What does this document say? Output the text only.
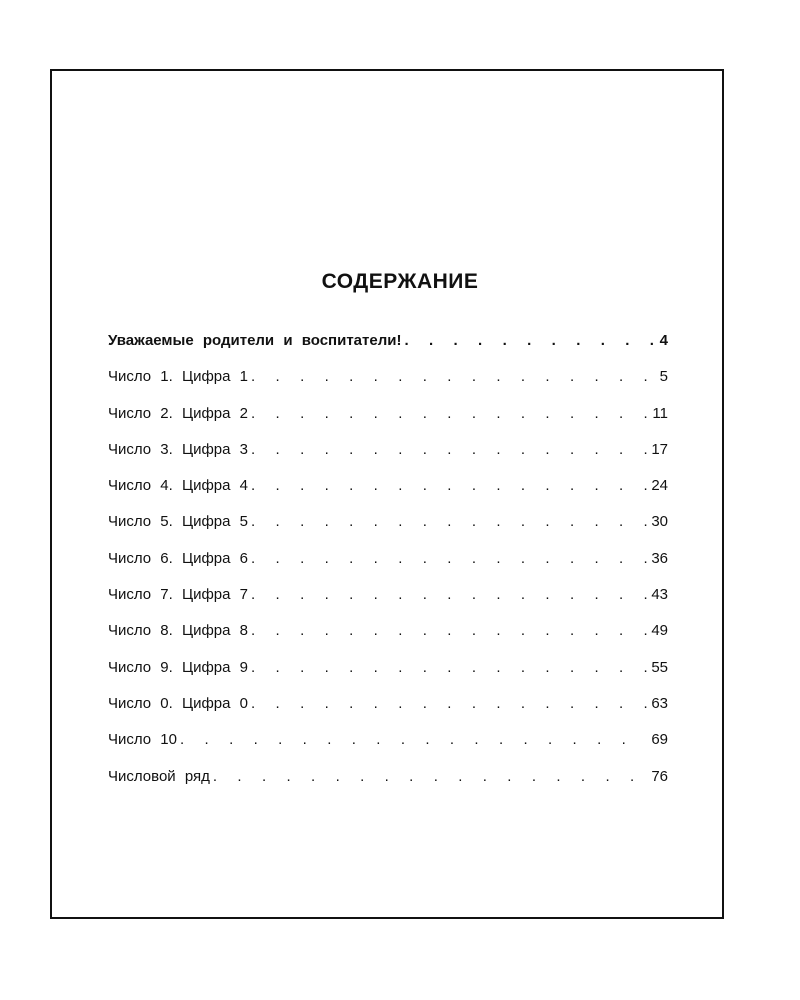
СОДЕРЖАНИЕ
Уважаемые родители и воспитатели! . . .	4
Число 1. Цифра 1 . . .	5
Число 2. Цифра 2 . . .	11
Число 3. Цифра 3 . . .	17
Число 4. Цифра 4 . . .	24
Число 5. Цифра 5 . . .	30
Число 6. Цифра 6 . . .	36
Число 7. Цифра 7 . . .	43
Число 8. Цифра 8 . . .	49
Число 9. Цифра 9 . . .	55
Число 0. Цифра 0 . . .	63
Число 10 . . .	69
Числовой ряд . . .	76
